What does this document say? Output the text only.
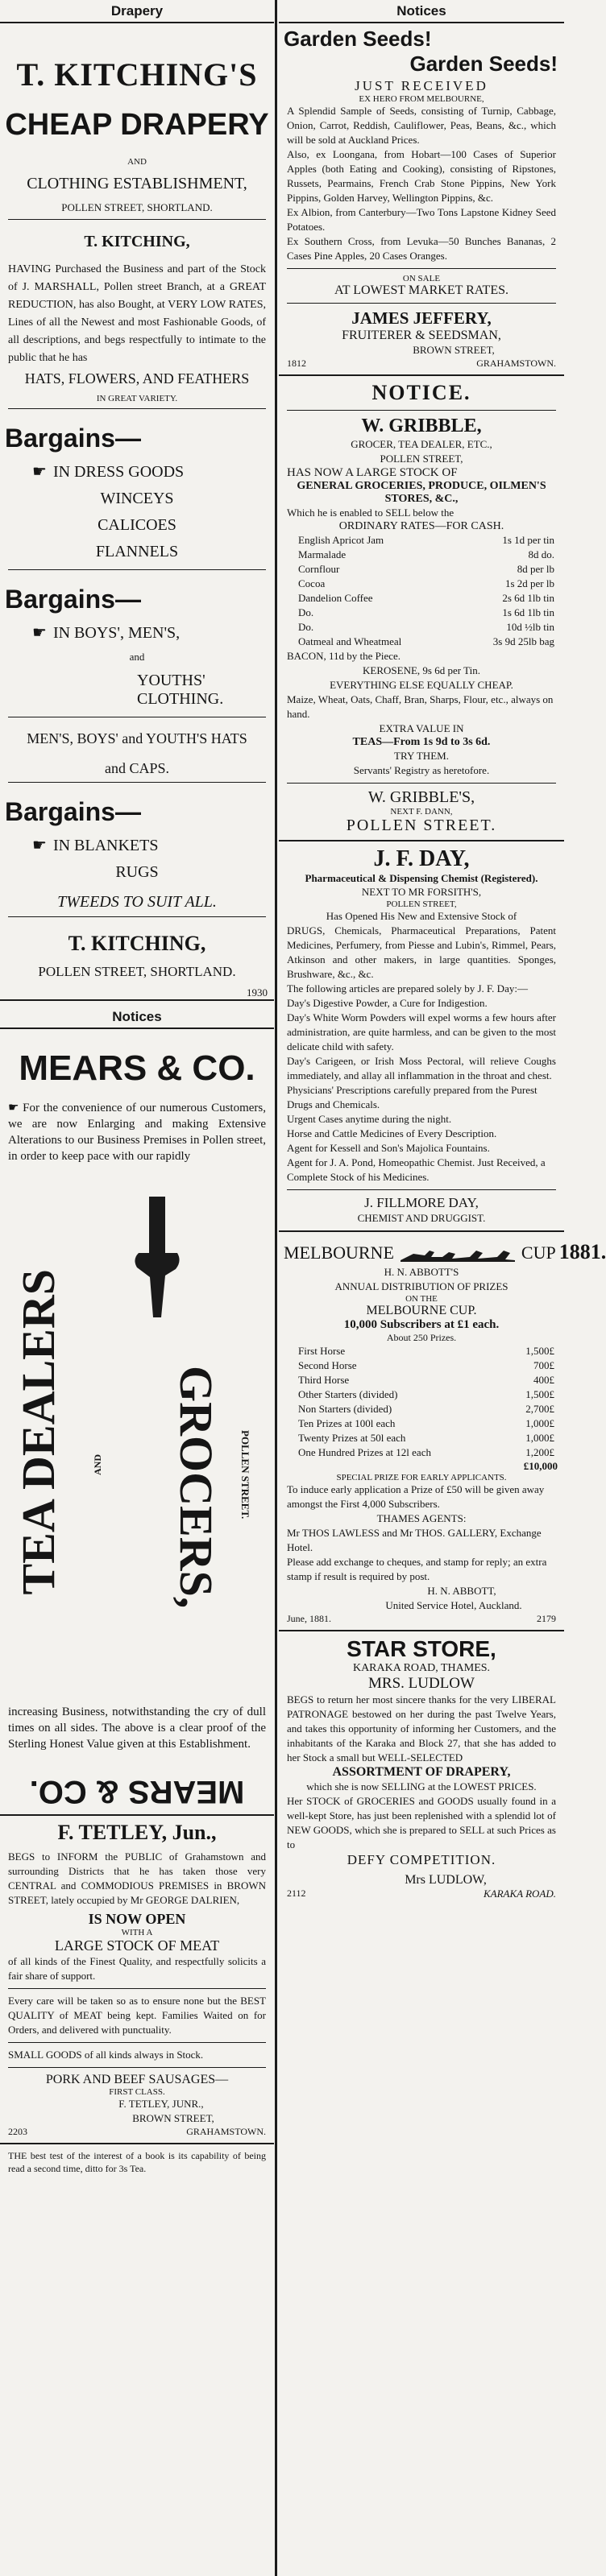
Drapery
T. KITCHING'S
CHEAP DRAPERY
AND
CLOTHING ESTABLISHMENT,
POLLEN STREET, SHORTLAND.
T. KITCHING,
HAVING Purchased the Business and part of the Stock of J. MARSHALL, Pollen street Branch, at a GREAT REDUCTION, has also Bought, at VERY LOW RATES, Lines of all the Newest and most Fashionable Goods, of all descriptions, and begs respectfully to intimate to the public that he has
HATS, FLOWERS, AND FEATHERS
IN GREAT VARIETY.
Bargains—
☛ IN DRESS GOODS
WINCEYS
CALICOES
FLANNELS
Bargains—
☛ IN BOYS', MEN'S,
and
YOUTHS' CLOTHING.
MEN'S, BOYS' and YOUTH'S HATS
and CAPS.
Bargains—
☛ IN BLANKETS
RUGS
TWEEDS TO SUIT ALL.
T. KITCHING,
POLLEN STREET, SHORTLAND.
1930
Notices
MEARS & CO.
☛ For the convenience of our numerous Customers, we are now Enlarging and making Extensive Alterations to our Business Premises in Pollen street, in order to keep pace with our rapidly
TEA DEALERS	AND GROCERS, POLLEN STREET.
increasing Business, notwithstanding the cry of dull times on all sides. The above is a clear proof of the Sterling Honest Value given at this Establishment.
MEARS & CO.
F. TETLEY, Jun.,
BEGS to INFORM the PUBLIC of Grahamstown and surrounding Districts that he has taken those very CENTRAL and COMMODIOUS PREMISES in BROWN STREET, lately occupied by Mr GEORGE DALRIEN,
IS NOW OPEN
WITH A
LARGE STOCK OF MEAT
of all kinds of the Finest Quality, and respectfully solicits a fair share of support.
Every care will be taken so as to ensure none but the BEST QUALITY of MEAT being kept. Families Waited on for Orders, and delivered with punctuality.
SMALL GOODS of all kinds always in Stock.
PORK AND BEEF SAUSAGES—
FIRST CLASS.
F. TETLEY, JUNR.,
BROWN STREET,
2203	GRAHAMSTOWN.
THE best test of the interest of a book is its capability of being read a second time, ditto for 3s Tea.
Notices
Garden Seeds!
Garden Seeds!
JUST RECEIVED
EX HERO FROM MELBOURNE,
A Splendid Sample of Seeds, consisting of Turnip, Cabbage, Onion, Carrot, Reddish, Cauliflower, Peas, Beans, &c., which will be sold at Auckland Prices.
Also, ex Loongana, from Hobart—100 Cases of Superior Apples (both Eating and Cooking), consisting of Ripstones, Russets, Pearmains, French Crab Stone Pippins, New York Pippins, Golden Harvey, Wellington Pippins, &c.
Ex Albion, from Canterbury—Two Tons Lapstone Kidney Seed Potatoes.
Ex Southern Cross, from Levuka—50 Bunches Bananas, 2 Cases Pine Apples, 20 Cases Oranges.
ON SALE
AT LOWEST MARKET RATES.
JAMES JEFFERY,
FRUITERER & SEEDSMAN,
BROWN STREET,
1812	GRAHAMSTOWN.
NOTICE.
W. GRIBBLE,
GROCER, TEA DEALER, ETC.,
POLLEN STREET,
HAS NOW A LARGE STOCK OF
GENERAL GROCERIES, PRODUCE, OILMEN'S STORES, &C.,
Which he is enabled to SELL below the
ORDINARY RATES—FOR CASH.
English Apricot Jam	1s 1d per tin
Marmalade	8d do.
Cornflour	8d per lb
Cocoa	1s 2d per lb
Dandelion Coffee	2s 6d 1lb tin
Do.	1s 6d 1lb tin
Do.	10d ½lb tin
Oatmeal and Wheatmeal	3s 9d 25lb bag
BACON, 11d by the Piece.
KEROSENE, 9s 6d per Tin.
EVERYTHING ELSE EQUALLY CHEAP.
Maize, Wheat, Oats, Chaff, Bran, Sharps, Flour, etc., always on hand.
EXTRA VALUE IN
TEAS—From 1s 9d to 3s 6d.
TRY THEM.
Servants' Registry as heretofore.
W. GRIBBLE'S,
NEXT F. DANN,
POLLEN STREET.
J. F. DAY,
Pharmaceutical & Dispensing Chemist (Registered).
NEXT TO MR FORSITH'S,
POLLEN STREET,
Has Opened His New and Extensive Stock of
DRUGS, Chemicals, Pharmaceutical Preparations, Patent Medicines, Perfumery, from Piesse and Lubin's, Rimmel, Pears, Atkinson and other makers, in large quantities. Sponges, Brushware, &c., &c.
The following articles are prepared solely by J. F. Day:—
Day's Digestive Powder, a Cure for Indigestion.
Day's White Worm Powders will expel worms a few hours after administration, are quite harmless, and can be given to the most delicate child with safety.
Day's Carigeen, or Irish Moss Pectoral, will relieve Coughs immediately, and allay all inflammation in the throat and chest.
Physicians' Prescriptions carefully prepared from the Purest Drugs and Chemicals.
Urgent Cases anytime during the night.
Horse and Cattle Medicines of Every Description.
Agent for Kessell and Son's Majolica Fountains.
Agent for J. A. Pond, Homeopathic Chemist. Just Received, a Complete Stock of his Medicines.
J. FILLMORE DAY,
CHEMIST AND DRUGGIST.
MELBOURNE	CUP 1881.
H. N. ABBOTT'S
ANNUAL DISTRIBUTION OF PRIZES
ON THE
MELBOURNE CUP.
10,000 Subscribers at £1 each.
About 250 Prizes.
First Horse	1,500£
Second Horse	700£
Third Horse	400£
Other Starters (divided)	1,500£
Non Starters (divided)	2,700£
Ten Prizes at 100l each	1,000£
Twenty Prizes at 50l each	1,000£
One Hundred Prizes at 12l each	1,200£
£10,000
SPECIAL PRIZE FOR EARLY APPLICANTS.
To induce early application a Prize of £50 will be given away amongst the First 4,000 Subscribers.
THAMES AGENTS:
Mr THOS LAWLESS and Mr THOS. GALLERY, Exchange Hotel.
Please add exchange to cheques, and stamp for reply; an extra stamp if result is required by post.
H. N. ABBOTT,
United Service Hotel, Auckland.
June, 1881.	2179
STAR STORE,
KARAKA ROAD, THAMES.
MRS. LUDLOW
BEGS to return her most sincere thanks for the very LIBERAL PATRONAGE bestowed on her during the past Twelve Years, and takes this opportunity of informing her Customers, and the inhabitants of the Karaka and Block 27, that she has added to her Stock a small but WELL-SELECTED
ASSORTMENT OF DRAPERY,
which she is now SELLING at the LOWEST PRICES.
Her STOCK of GROCERIES and GOODS usually found in a well-kept Store, has just been replenished with a splendid lot of NEW GOODS, which she is prepared to SELL at such Prices as to
DEFY COMPETITION.
Mrs LUDLOW,
2112	KARAKA ROAD.
